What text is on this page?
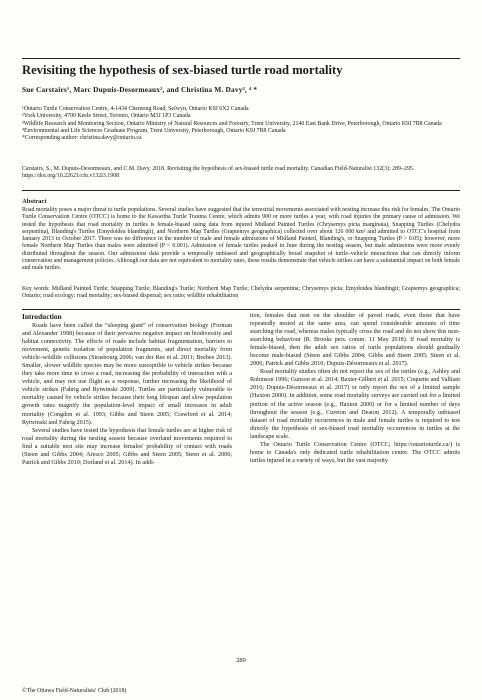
Revisiting the hypothesis of sex-biased turtle road mortality
Sue Carstairs¹, Marc Dupuis-Desormeaux², and Christina M. Davy³, ⁴ *
¹Ontario Turtle Conservation Centre, 4-1434 Chemong Road, Selwyn, Ontario K9J 6X2 Canada
²York University, 4700 Keele Street, Toronto, Ontario M3J 1P3 Canada
³Wildlife Research and Monitoring Section, Ontario Ministry of Natural Resources and Forestry, Trent University, 2140 East Bank Drive, Peterborough, Ontario K9J 7B8 Canada
⁴Environmental and Life Sciences Graduate Program, Trent University, Peterborough, Ontario K9J 7B8 Canada
*Corresponding author: christina.davy@ontario.ca
Carstairs, S., M. Dupuis-Desormeaux, and C.M. Davy. 2018. Revisiting the hypothesis of sex-biased turtle road mortality. Canadian Field-Naturalist 132(3): 289–295. https://doi.org/10.22621/cfn.v132i3.1908
Abstract
Road mortality poses a major threat to turtle populations. Several studies have suggested that the terrestrial movements associated with nesting increase this risk for females. The Ontario Turtle Conservation Centre (OTCC) is home to the Kawartha Turtle Trauma Centre, which admits 900 or more turtles a year, with road injuries the primary cause of admission. We tested the hypothesis that road mortality in turtles is female-biased using data from injured Midland Painted Turtles (Chrysemys picta marginata), Snapping Turtles (Chelydra serpentina), Blanding's Turtles (Emydoidea blandingii), and Northern Map Turtles (Graptemys geographica) collected over about 126 000 km² and admitted to OTCC's hospital from January 2013 to October 2017. There was no difference in the number of male and female admissions of Midland Painted, Blanding's, or Snapping Turtles (P > 0.05); however, more female Northern Map Turtles than males were admitted (P < 0.001). Admission of female turtles peaked in June during the nesting season, but male admissions were more evenly distributed throughout the season. Our admissions data provide a temporally unbiased and geographically broad snapshot of turtle–vehicle interactions that can directly inform conservation and management policies. Although our data are not equivalent to mortality rates, these results demonstrate that vehicle strikes can have a substantial impact on both female and male turtles.
Key words: Midland Painted Turtle; Snapping Turtle; Blanding's Turtle; Northern Map Turtle; Chelydra serpentina; Chrysemys picta; Emydoidea blandingii; Graptemys geographica; Ontario; road ecology; road mortality; sex-biased dispersal; sex ratio; wildlife rehabilitation
Introduction

Roads have been called the “sleeping giant” of conservation biology (Forman and Alexander 1998) because of their pervasive negative impact on biodiversity and habitat connectivity. The effects of roads include habitat fragmentation, barriers to movement, genetic isolation of population fragments, and direct mortality from vehicle–wildlife collisions (Strasbourg 2006; van der Ree et al. 2011; Beebee 2013). Smaller, slower wildlife species may be more susceptible to vehicle strikes because they take more time to cross a road, increasing the probability of interaction with a vehicle, and may not use flight as a response, further increasing the likelihood of vehicle strikes (Fahrig and Rytwinski 2009). Turtles are particularly vulnerable to mortality caused by vehicle strikes because their long lifespan and slow population growth rates magnify the population-level impact of small increases in adult mortality (Congdon et al. 1993; Gibbs and Steen 2005; Crawford et al. 2014; Rytwinski and Fahrig 2015).

Several studies have tested the hypothesis that female turtles are at higher risk of road mortality during the nesting season because overland movements required to find a suitable nest site may increase females' probability of contact with roads (Steen and Gibbs 2004; Aresco 2005; Gibbs and Steen 2005; Steen et al. 2006; Patrick and Gibbs 2010; Dorland et al. 2014). In addi-

tion, females that nest on the shoulder of paved roads, even those that have repeatedly nested at the same area, can spend considerable amounts of time searching the road, whereas males typically cross the road and do not show this nest-searching behaviour (R. Brooks pers. comm. 11 May 2018). If road mortality is female-biased, then the adult sex ratios of turtle populations should gradually become male-biased (Steen and Gibbs 2004; Gibbs and Steen 2005; Steen et al. 2006; Patrick and Gibbs 2010; Dupuis-Désormeaux et al. 2017).

Road mortality studies often do not report the sex of the turtles (e.g., Ashley and Robinson 1996; Gunson et al. 2014; Baxter-Gilbert et al. 2015; Coquette and Valliant 2016; Dupuis-Désormeaux et al. 2017) or only report the sex of a limited sample (Haxton 2000). In addition, some road mortality surveys are carried out for a limited portion of the active season (e.g., Haxton 2000) or for a limited number of days throughout the season (e.g., Cureton and Deaton 2012). A temporally unbiased dataset of road mortality occurrences in male and female turtles is required to test directly the hypothesis of sex-biased road mortality occurrences in turtles at the landscape scale.

The Ontario Turtle Conservation Centre (OTCC; https://ontarioturtle.ca/) is home to Canada's only dedicated turtle rehabilitation centre. The OTCC admits turtles injured in a variety of ways, but the vast majority

289
©The Ottawa Field-Naturalists' Club (2018)
